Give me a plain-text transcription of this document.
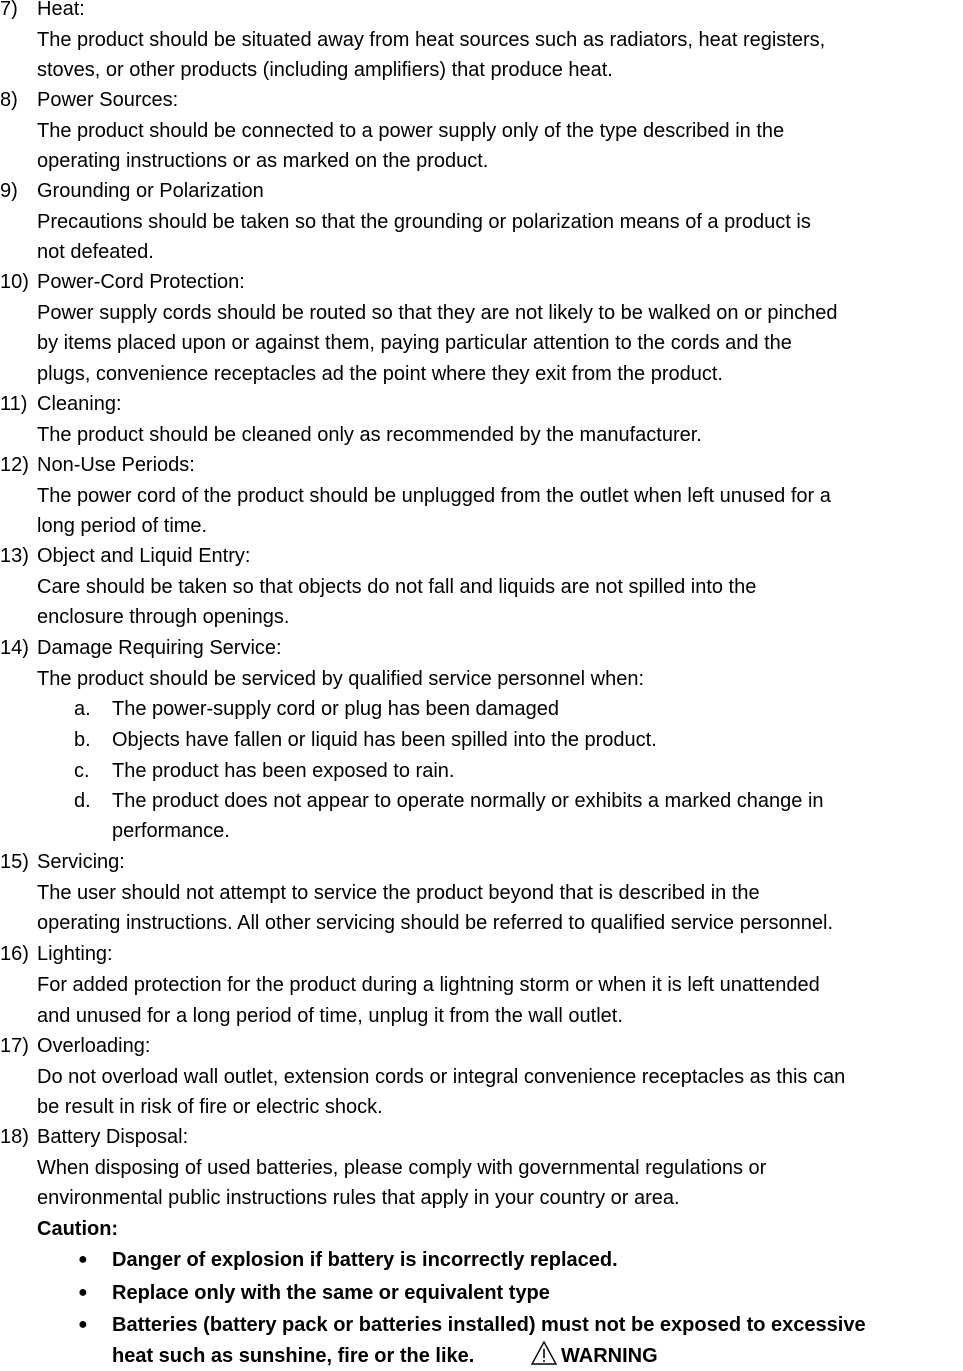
7) Heat:
The product should be situated away from heat sources such as radiators, heat registers,
stoves, or other products (including amplifiers) that produce heat.
8) Power Sources:
The product should be connected to a power supply only of the type described in the
operating instructions or as marked on the product.
9) Grounding or Polarization
Precautions should be taken so that the grounding or polarization means of a product is
not defeated.
10) Power-Cord Protection:
Power supply cords should be routed so that they are not likely to be walked on or pinched
by items placed upon or against them, paying particular attention to the cords and the
plugs, convenience receptacles ad the point where they exit from the product.
11) Cleaning:
The product should be cleaned only as recommended by the manufacturer.
12) Non-Use Periods:
The power cord of the product should be unplugged from the outlet when left unused for a
long period of time.
13) Object and Liquid Entry:
Care should be taken so that objects do not fall and liquids are not spilled into the
enclosure through openings.
14) Damage Requiring Service:
The product should be serviced by qualified service personnel when:
a. The power-supply cord or plug has been damaged
b. Objects have fallen or liquid has been spilled into the product.
c. The product has been exposed to rain.
d. The product does not appear to operate normally or exhibits a marked change in
performance.
15) Servicing:
The user should not attempt to service the product beyond that is described in the
operating instructions. All other servicing should be referred to qualified service personnel.
16) Lighting:
For added protection for the product during a lightning storm or when it is left unattended
and unused for a long period of time, unplug it from the wall outlet.
17) Overloading:
Do not overload wall outlet, extension cords or integral convenience receptacles as this can
be result in risk of fire or electric shock.
18) Battery Disposal:
When disposing of used batteries, please comply with governmental regulations or
environmental public instructions rules that apply in your country or area.
Caution:
● Danger of explosion if battery is incorrectly replaced.
● Replace only with the same or equivalent type
● Batteries (battery pack or batteries installed) must not be exposed to excessive
heat such as sunshine, fire or the like.	WARNING
